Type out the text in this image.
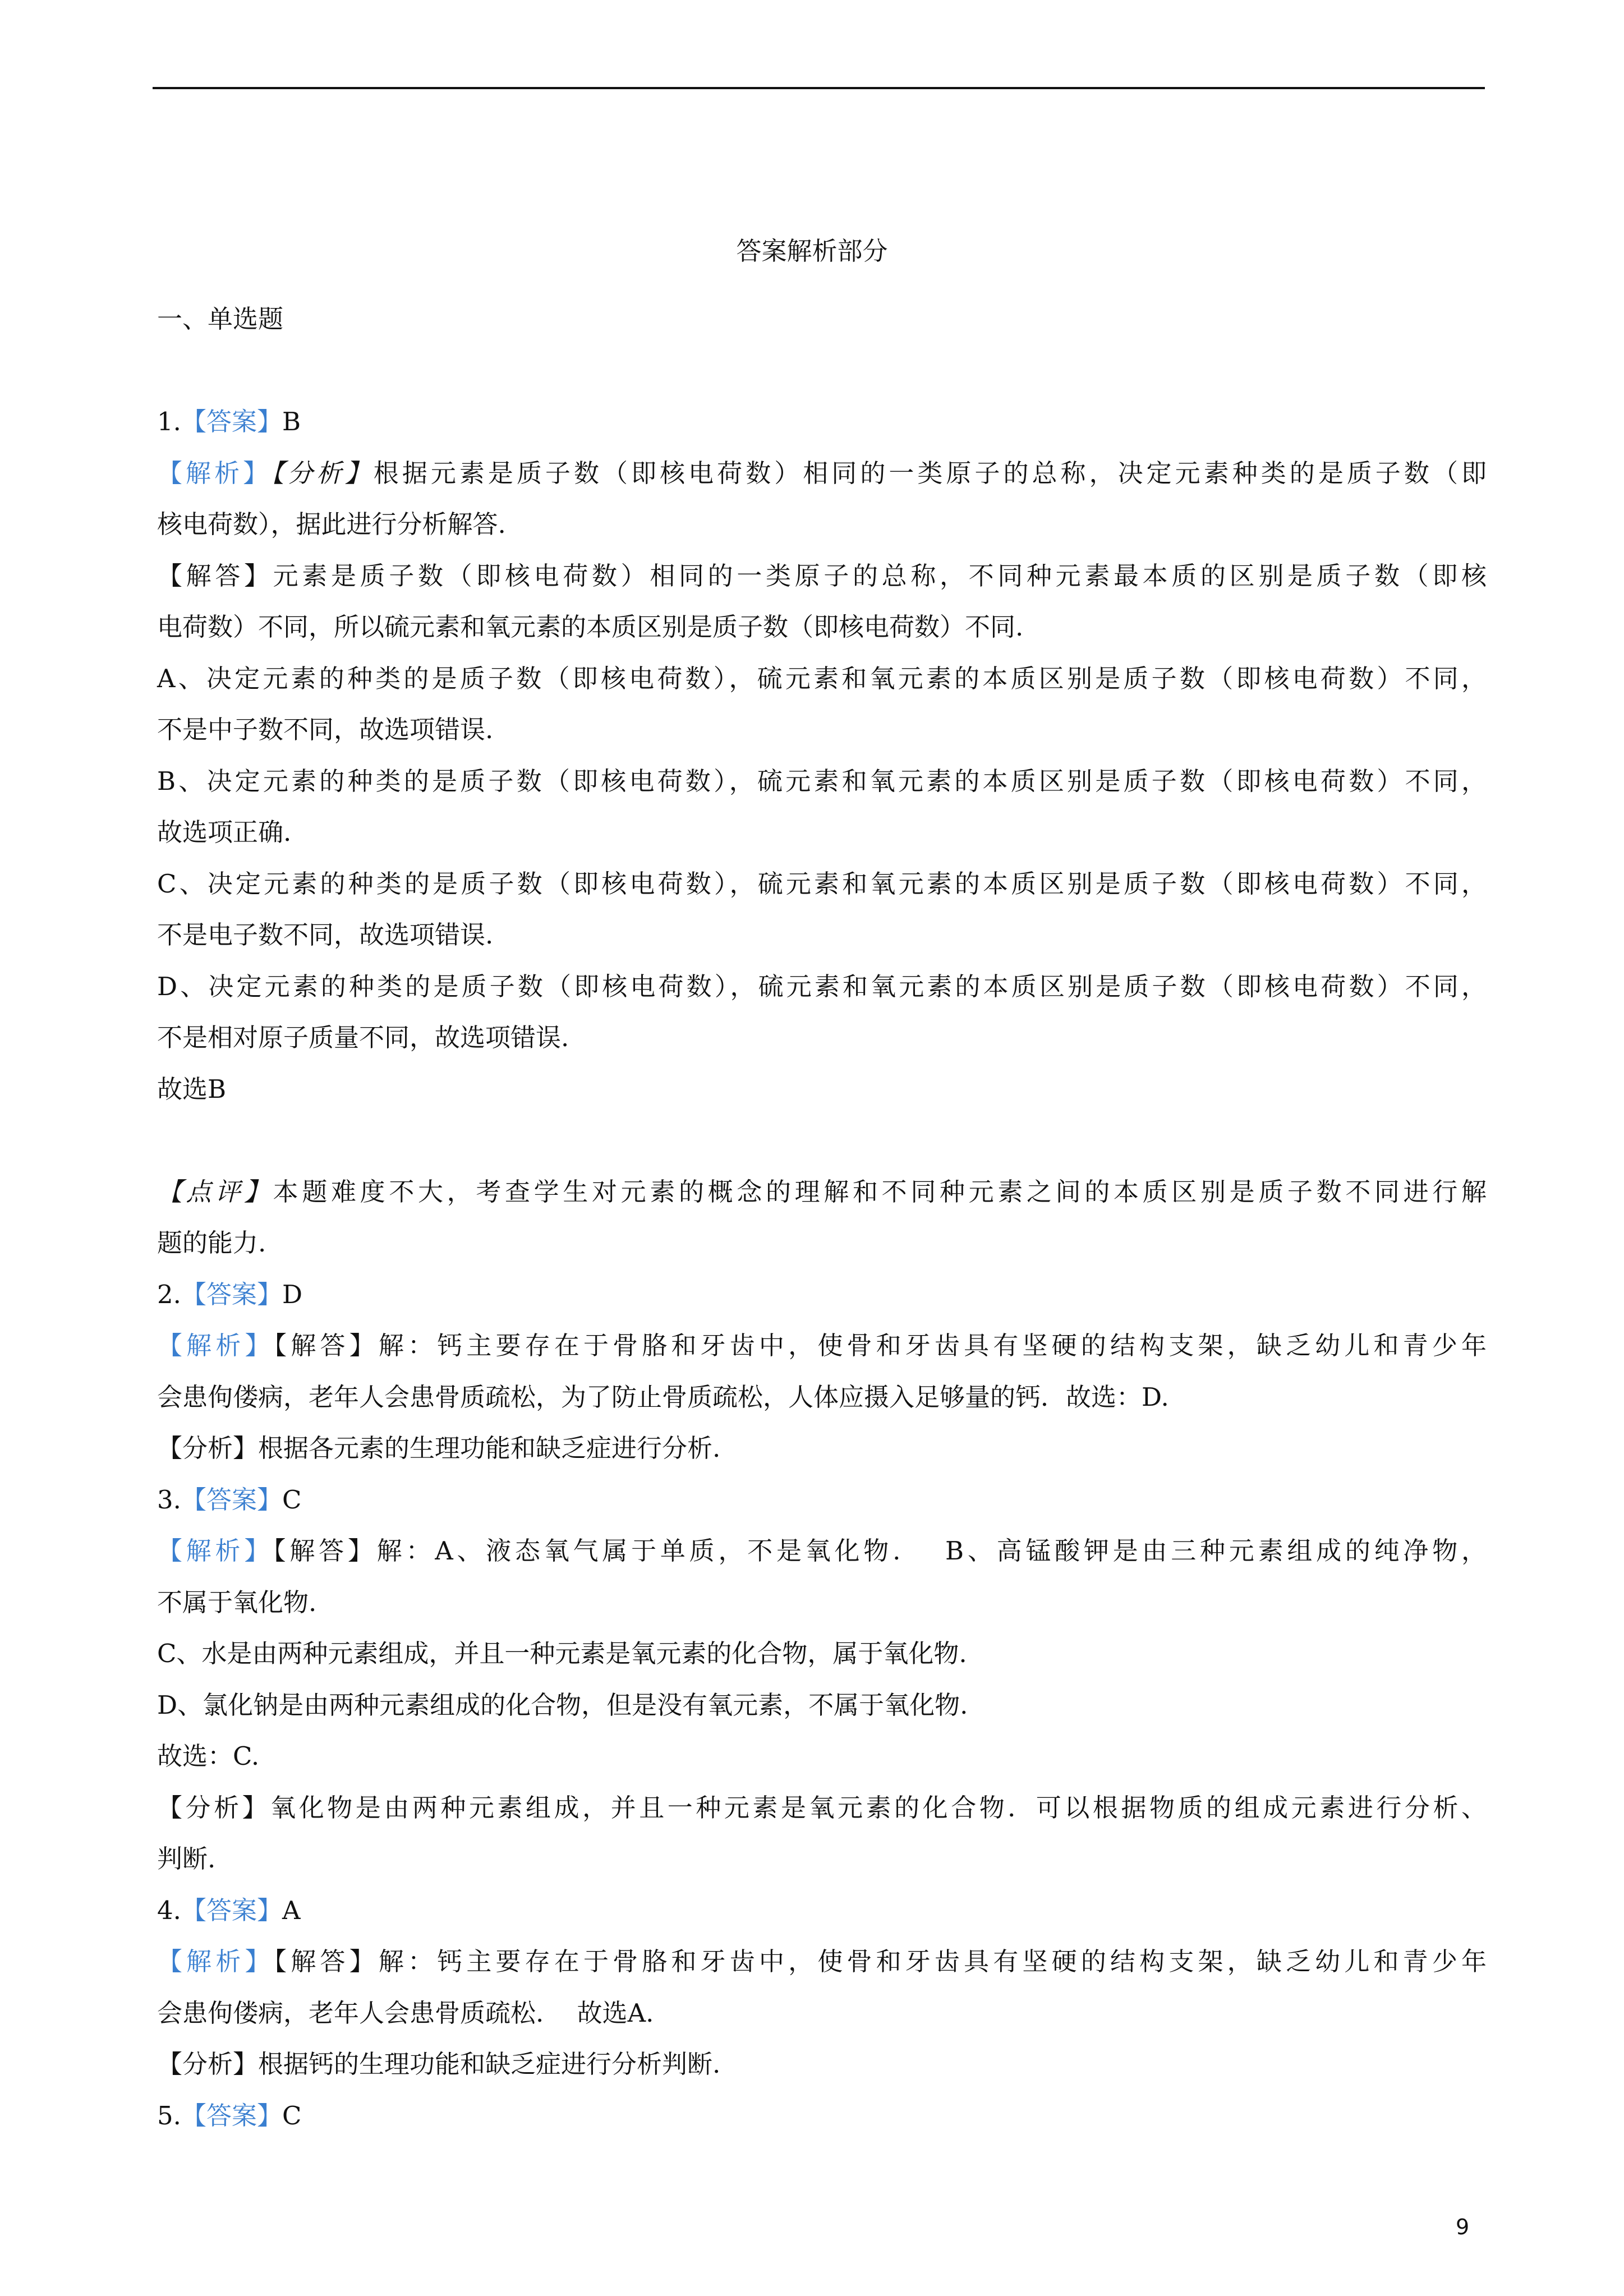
答案解析部分
一、单选题
1.【答案】B
【解析】【分析】根据元素是质子数（即核电荷数）相同的一类原子的总称，决定元素种类的是质子数（即
核电荷数），据此进行分析解答.
【解答】元素是质子数（即核电荷数）相同的一类原子的总称，不同种元素最本质的区别是质子数（即核
电荷数）不同，所以硫元素和氧元素的本质区别是质子数（即核电荷数）不同.
A、决定元素的种类的是质子数（即核电荷数），硫元素和氧元素的本质区别是质子数（即核电荷数）不同，
不是中子数不同，故选项错误.
B、决定元素的种类的是质子数（即核电荷数），硫元素和氧元素的本质区别是质子数（即核电荷数）不同，
故选项正确.
C、决定元素的种类的是质子数（即核电荷数），硫元素和氧元素的本质区别是质子数（即核电荷数）不同，
不是电子数不同，故选项错误.
D、决定元素的种类的是质子数（即核电荷数），硫元素和氧元素的本质区别是质子数（即核电荷数）不同，
不是相对原子质量不同，故选项错误.
故选B
【点评】本题难度不大，考查学生对元素的概念的理解和不同种元素之间的本质区别是质子数不同进行解
题的能力.
2.【答案】D
【解析】【解答】解：钙主要存在于骨胳和牙齿中，使骨和牙齿具有坚硬的结构支架，缺乏幼儿和青少年
会患佝偻病，老年人会患骨质疏松，为了防止骨质疏松，人体应摄入足够量的钙．故选：D.
【分析】根据各元素的生理功能和缺乏症进行分析.
3.【答案】C
【解析】【解答】解：A、液态氧气属于单质，不是氧化物.　 B、高锰酸钾是由三种元素组成的纯净物，
不属于氧化物.
C、水是由两种元素组成，并且一种元素是氧元素的化合物，属于氧化物.
D、氯化钠是由两种元素组成的化合物，但是没有氧元素，不属于氧化物.
故选：C.
【分析】氧化物是由两种元素组成，并且一种元素是氧元素的化合物．可以根据物质的组成元素进行分析、
判断.
4.【答案】A
【解析】【解答】解：钙主要存在于骨胳和牙齿中，使骨和牙齿具有坚硬的结构支架，缺乏幼儿和青少年
会患佝偻病，老年人会患骨质疏松.　 故选A.
【分析】根据钙的生理功能和缺乏症进行分析判断.
5.【答案】C
9
